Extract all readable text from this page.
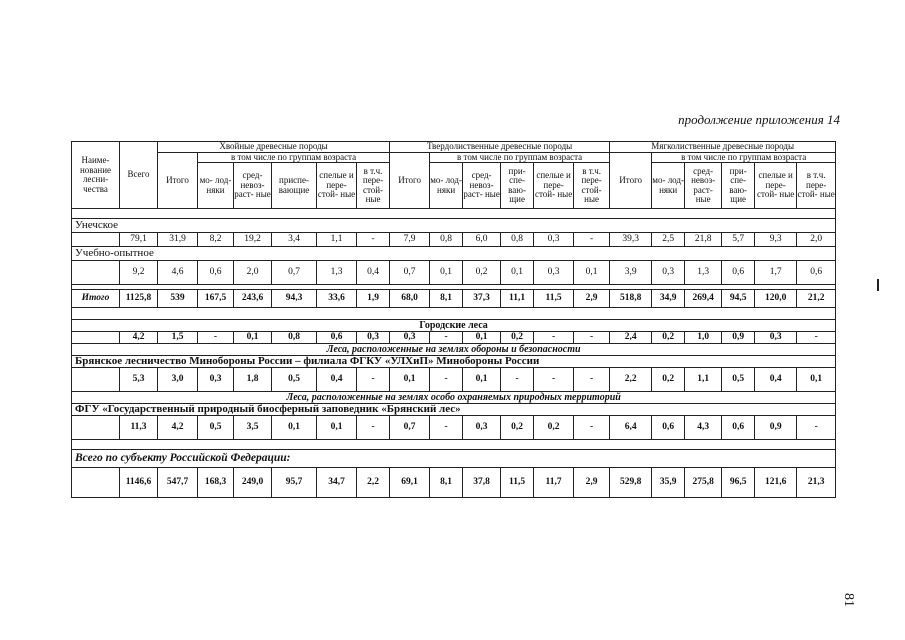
продолжение приложения 14
Наиме- нование лесни- чества	Всего	Хвойные древесные породы						Твердолиственные древесные породы						Мягколиственные древесные породы					
		Итого	в том числе по группам возраста					Итого	в том числе по группам возраста					Итого	в том числе по группам возраста				
			мо- лод- няки	сред- невоз- раст- ные	приспе- вающие	спелые и пере- стой- ные	в т.ч. пере- стой- ные		мо- лод- няки	сред- невоз- раст- ные	при- спе- ваю- щие	спелые и пере- стой- ные	в т.ч. пере- стой- ные		мо- лод- няки	сред- невоз- раст- ные	при- спе- ваю- щие	спелые и пере- стой- ные	в т.ч. пере- стой- ные

Унечское																			
	79,1	31,9	8,2	19,2	3,4	1,1	-	7,9	0,8	6,0	0,8	0,3	-	39,3	2,5	21,8	5,7	9,3	2,0
Учебно-опытное																			
	9,2	4,6	0,6	2,0	0,7	1,3	0,4	0,7	0,1	0,2	0,1	0,3	0,1	3,9	0,3	1,3	0,6	1,7	0,6

Итого	1125,8	539	167,5	243,6	94,3	33,6	1,9	68,0	8,1	37,3	11,1	11,5	2,9	518,8	34,9	269,4	94,5	120,0	21,2

Городские леса																			
	4,2	1,5	-	0,1	0,8	0,6	0,3	0,3	-	0,1	0,2	-	-	2,4	0,2	1,0	0,9	0,3	-
Леса, расположенные на землях обороны и безопасности																			
Брянское лесничество Минобороны России – филиала ФГКУ «УЛХиП» Минобороны России																			
	5,3	3,0	0,3	1,8	0,5	0,4	-	0,1	-	0,1	-	-	-	2,2	0,2	1,1	0,5	0,4	0,1
Леса, расположенные на землях особо охраняемых природных территорий																			
ФГУ «Государственный природный биосферный заповедник «Брянский лес»																			
	11,3	4,2	0,5	3,5	0,1	0,1	-	0,7	-	0,3	0,2	0,2	-	6,4	0,6	4,3	0,6	0,9	-

Всего по субъекту Российской Федерации:																			
	1146,6	547,7	168,3	249,0	95,7	34,7	2,2	69,1	8,1	37,8	11,5	11,7	2,9	529,8	35,9	275,8	96,5	121,6	21,3
81
